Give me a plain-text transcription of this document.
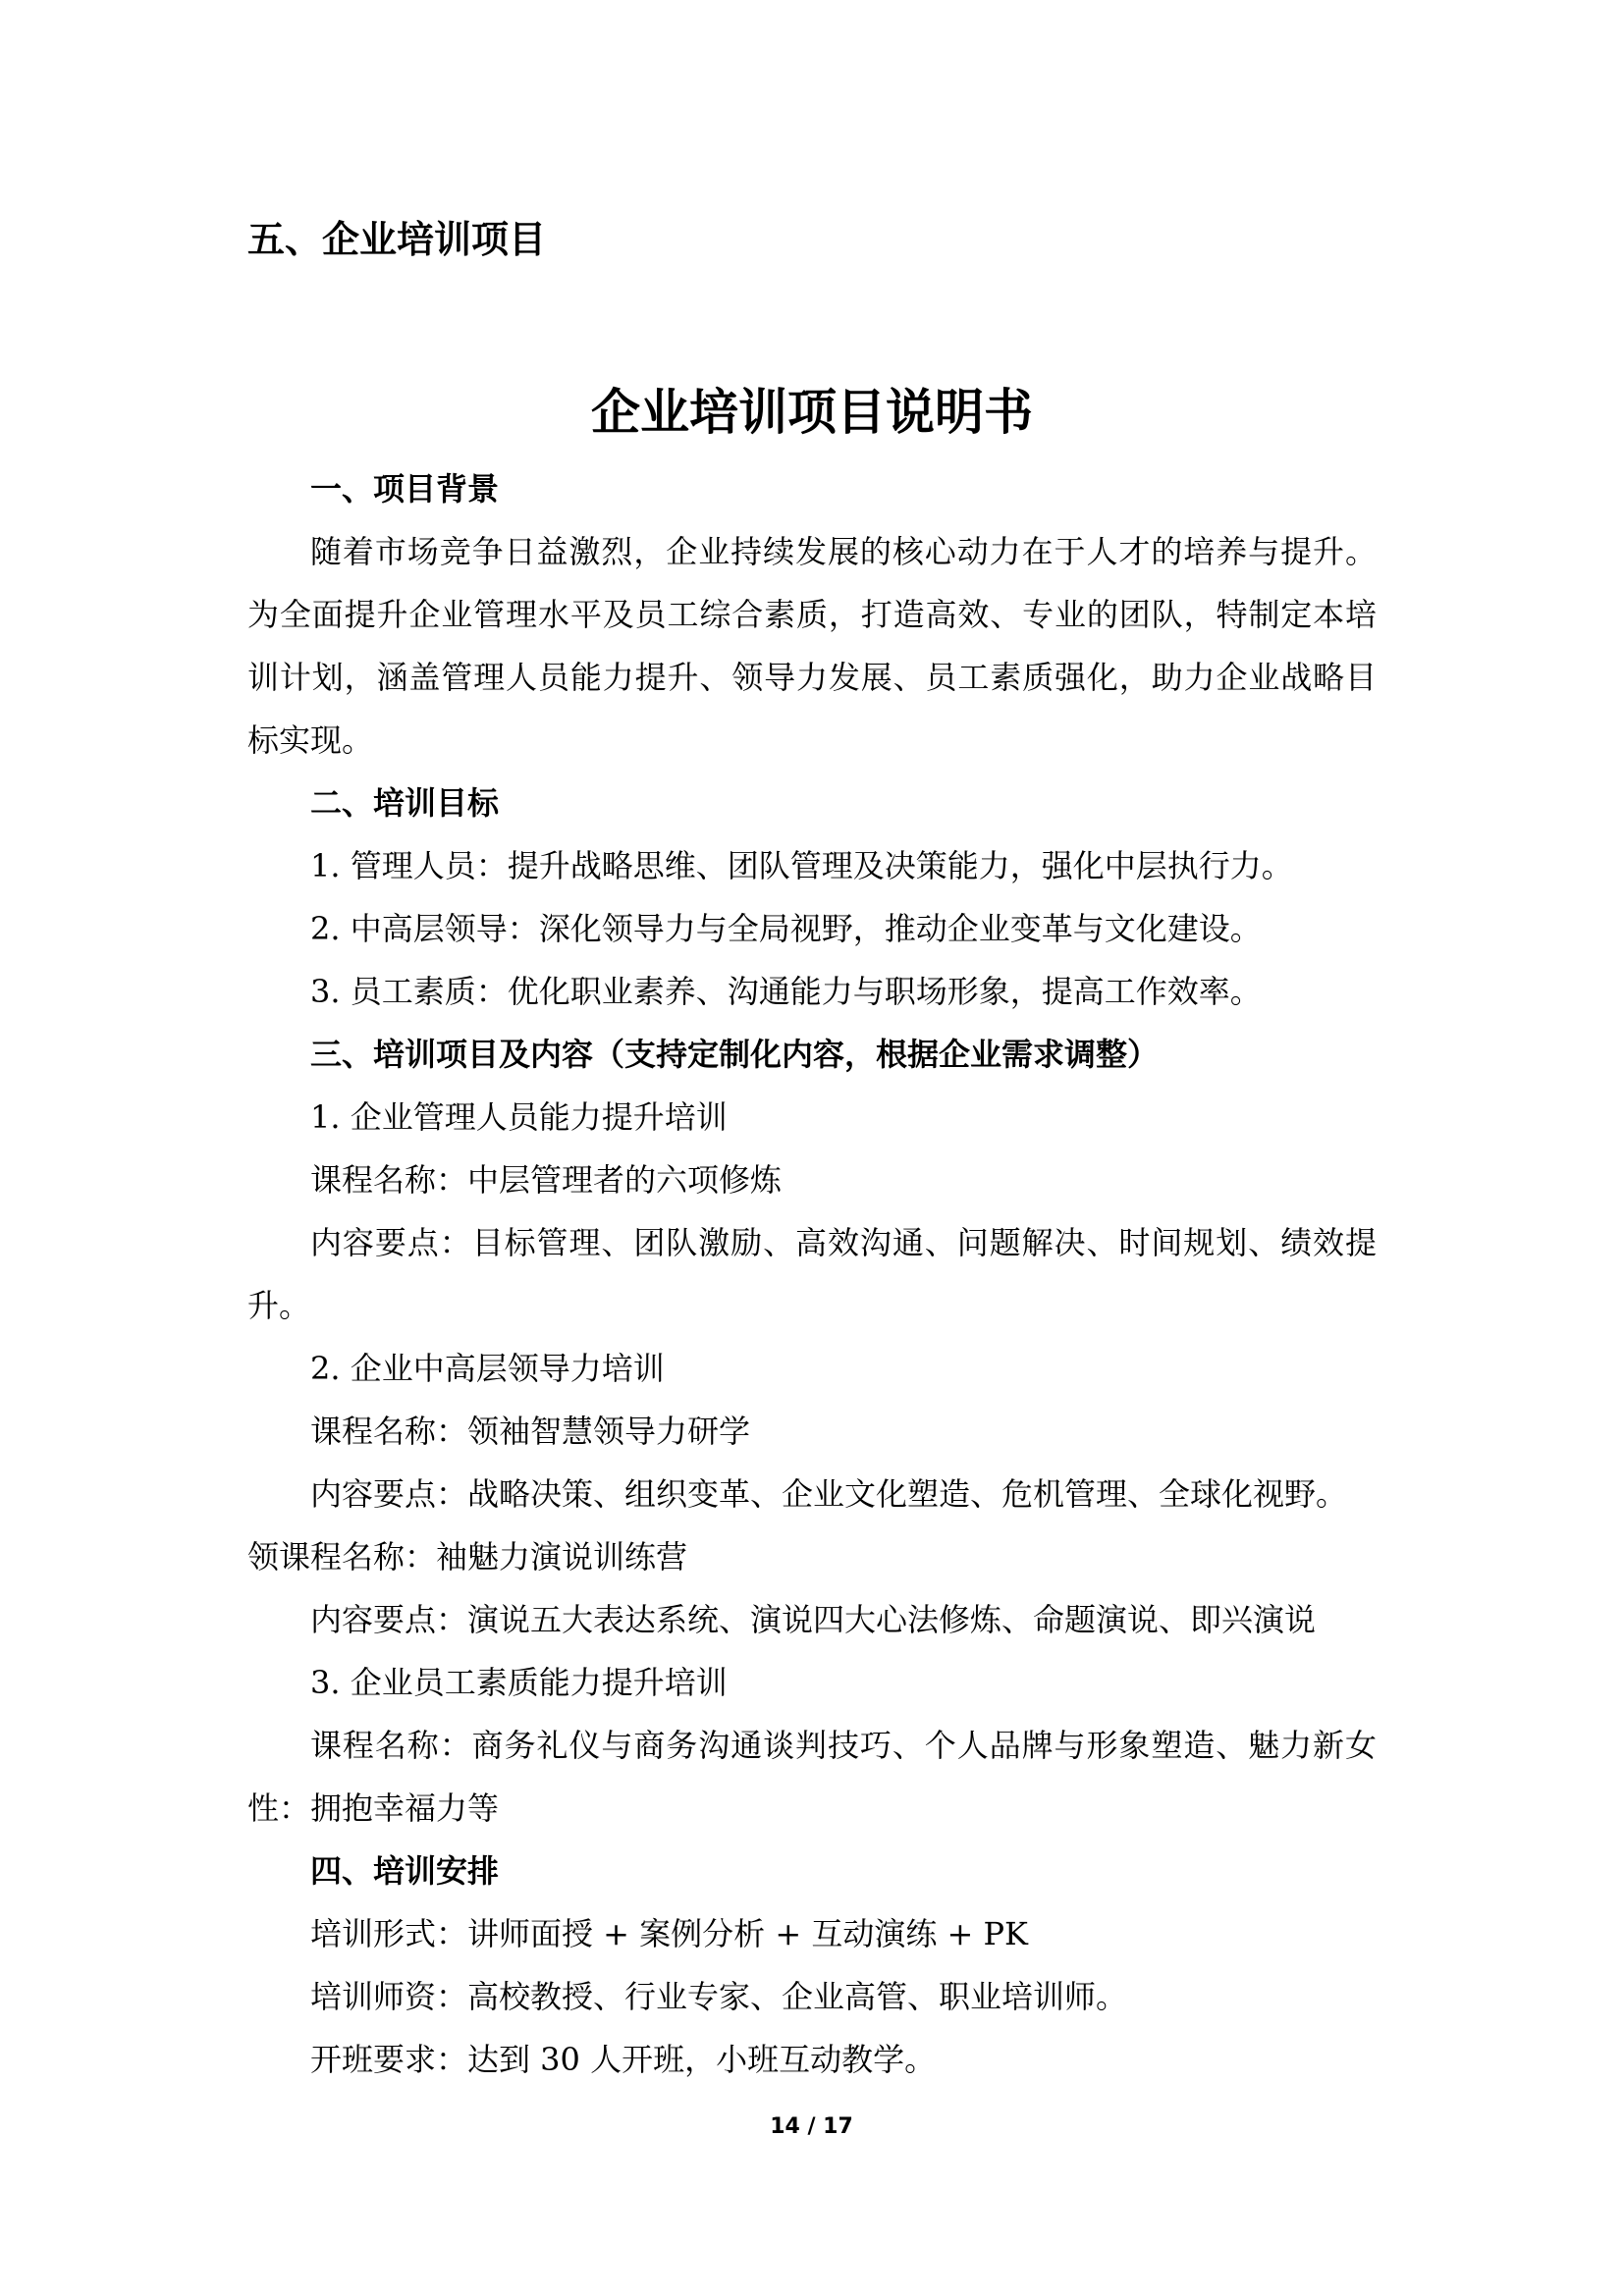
五、企业培训项目
企业培训项目说明书

一、项目背景

随着市场竞争日益激烈，企业持续发展的核心动力在于人才的培养与提升。为全面提升企业管理水平及员工综合素质，打造高效、专业的团队，特制定本培训计划，涵盖管理人员能力提升、领导力发展、员工素质强化，助力企业战略目标实现。

二、培训目标

1. 管理人员：提升战略思维、团队管理及决策能力，强化中层执行力。

2. 中高层领导：深化领导力与全局视野，推动企业变革与文化建设。

3. 员工素质：优化职业素养、沟通能力与职场形象，提高工作效率。

三、培训项目及内容（支持定制化内容，根据企业需求调整）

1. 企业管理人员能力提升培训

课程名称：中层管理者的六项修炼

内容要点：目标管理、团队激励、高效沟通、问题解决、时间规划、绩效提升。

2. 企业中高层领导力培训

课程名称：领袖智慧领导力研学

内容要点：战略决策、组织变革、企业文化塑造、危机管理、全球化视野。

领课程名称：袖魅力演说训练营

内容要点：演说五大表达系统、演说四大心法修炼、命题演说、即兴演说

3. 企业员工素质能力提升培训

课程名称：商务礼仪与商务沟通谈判技巧、个人品牌与形象塑造、魅力新女性：拥抱幸福力等

四、培训安排

培训形式：讲师面授 + 案例分析 + 互动演练 + PK

培训师资：高校教授、行业专家、企业高管、职业培训师。

开班要求：达到 30 人开班，小班互动教学。

14 / 17
